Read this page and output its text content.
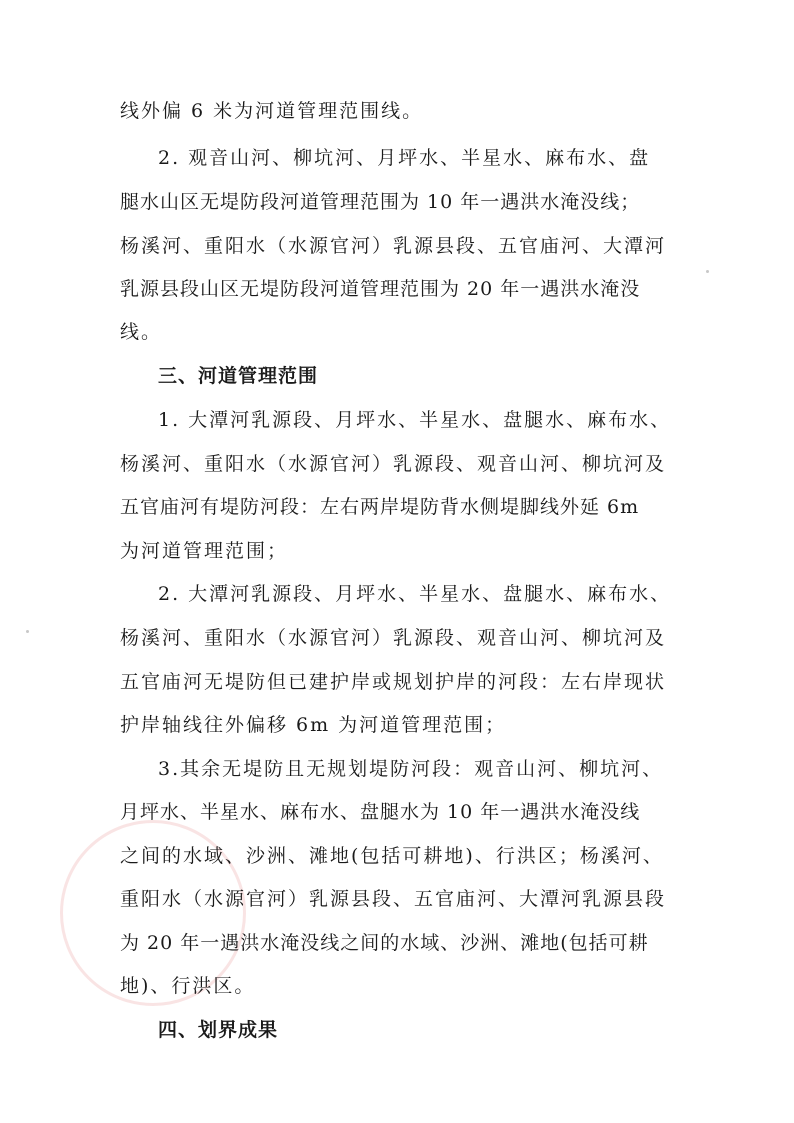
线外偏 6 米为河道管理范围线。
2. 观音山河、柳坑河、月坪水、半星水、麻布水、盘
腿水山区无堤防段河道管理范围为 10 年一遇洪水淹没线；
杨溪河、重阳水（水源官河）乳源县段、五官庙河、大潭河
乳源县段山区无堤防段河道管理范围为 20 年一遇洪水淹没
线。
三、河道管理范围
1. 大潭河乳源段、月坪水、半星水、盘腿水、麻布水、
杨溪河、重阳水（水源官河）乳源段、观音山河、柳坑河及
五官庙河有堤防河段：左右两岸堤防背水侧堤脚线外延 6m
为河道管理范围；
2. 大潭河乳源段、月坪水、半星水、盘腿水、麻布水、
杨溪河、重阳水（水源官河）乳源段、观音山河、柳坑河及
五官庙河无堤防但已建护岸或规划护岸的河段：左右岸现状
护岸轴线往外偏移 6m 为河道管理范围；
3.其余无堤防且无规划堤防河段：观音山河、柳坑河、
月坪水、半星水、麻布水、盘腿水为 10 年一遇洪水淹没线
之间的水域、沙洲、滩地(包括可耕地)、行洪区；杨溪河、
重阳水（水源官河）乳源县段、五官庙河、大潭河乳源县段
为 20 年一遇洪水淹没线之间的水域、沙洲、滩地(包括可耕
地)、行洪区。
四、划界成果
